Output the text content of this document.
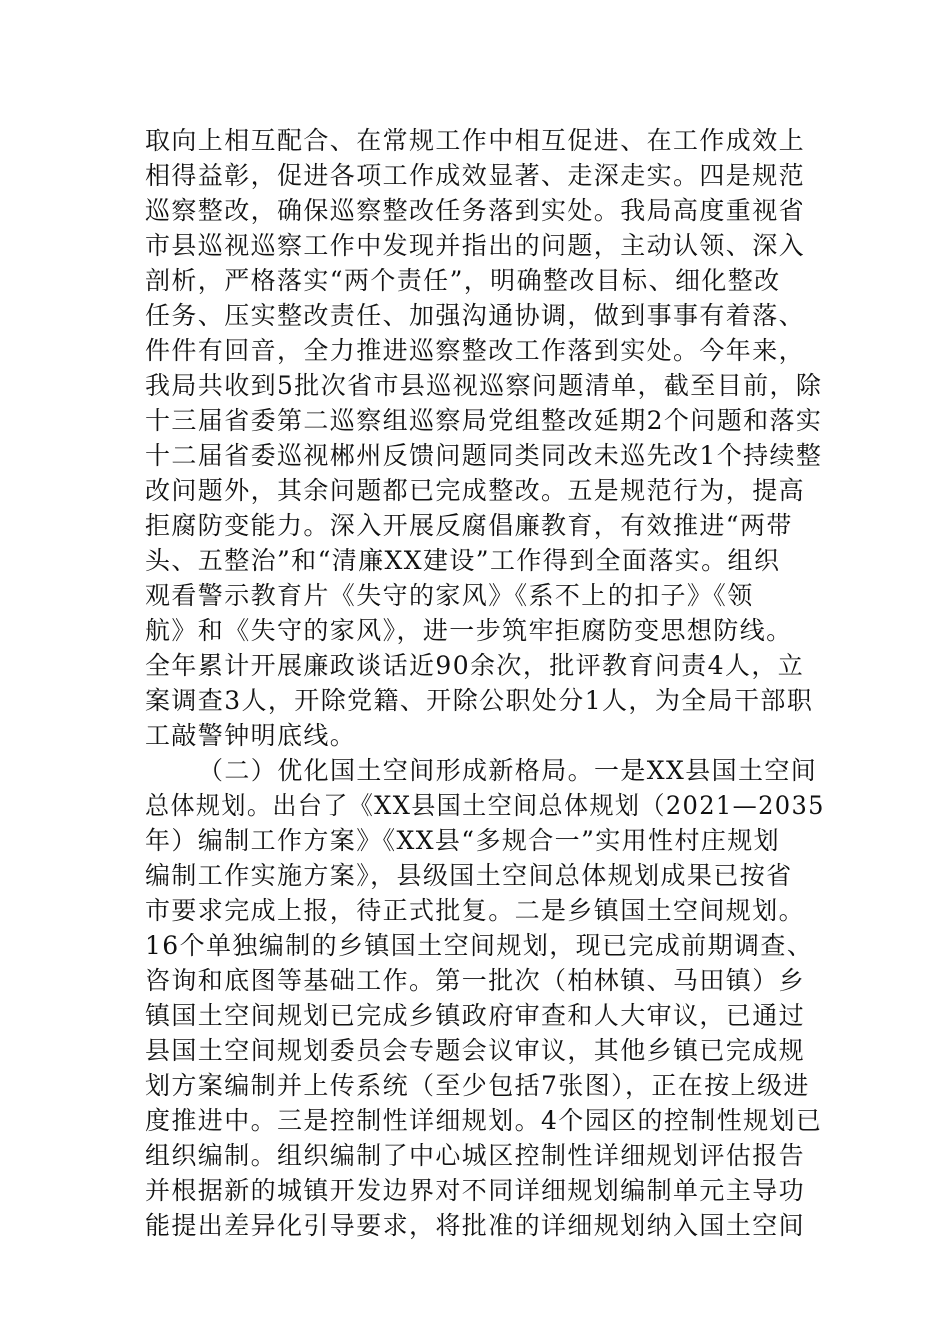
取向上相互配合、在常规工作中相互促进、在工作成效上
相得益彰，促进各项工作成效显著、走深走实。四是规范
巡察整改，确保巡察整改任务落到实处。我局高度重视省
市县巡视巡察工作中发现并指出的问题，主动认领、深入
剖析，严格落实“两个责任”，明确整改目标、细化整改
任务、压实整改责任、加强沟通协调，做到事事有着落、
件件有回音，全力推进巡察整改工作落到实处。今年来，
我局共收到5批次省市县巡视巡察问题清单，截至目前，除
十三届省委第二巡察组巡察局党组整改延期2个问题和落实
十二届省委巡视郴州反馈问题同类同改未巡先改1个持续整
改问题外，其余问题都已完成整改。五是规范行为，提高
拒腐防变能力。深入开展反腐倡廉教育，有效推进“两带
头、五整治”和“清廉XX建设”工作得到全面落实。组织
观看警示教育片《失守的家风》《系不上的扣子》《领
航》和《失守的家风》，进一步筑牢拒腐防变思想防线。
全年累计开展廉政谈话近90余次，批评教育问责4人，立
案调查3人，开除党籍、开除公职处分1人，为全局干部职
工敲警钟明底线。
（二）优化国土空间形成新格局。一是XX县国土空间
总体规划。出台了《XX县国土空间总体规划（2021—2035
年）编制工作方案》《XX县“多规合一”实用性村庄规划
编制工作实施方案》，县级国土空间总体规划成果已按省
市要求完成上报，待正式批复。二是乡镇国土空间规划。
16个单独编制的乡镇国土空间规划，现已完成前期调查、
咨询和底图等基础工作。第一批次（柏林镇、马田镇）乡
镇国土空间规划已完成乡镇政府审查和人大审议，已通过
县国土空间规划委员会专题会议审议，其他乡镇已完成规
划方案编制并上传系统（至少包括7张图），正在按上级进
度推进中。三是控制性详细规划。4个园区的控制性规划已
组织编制。组织编制了中心城区控制性详细规划评估报告
并根据新的城镇开发边界对不同详细规划编制单元主导功
能提出差异化引导要求，将批准的详细规划纳入国土空间
